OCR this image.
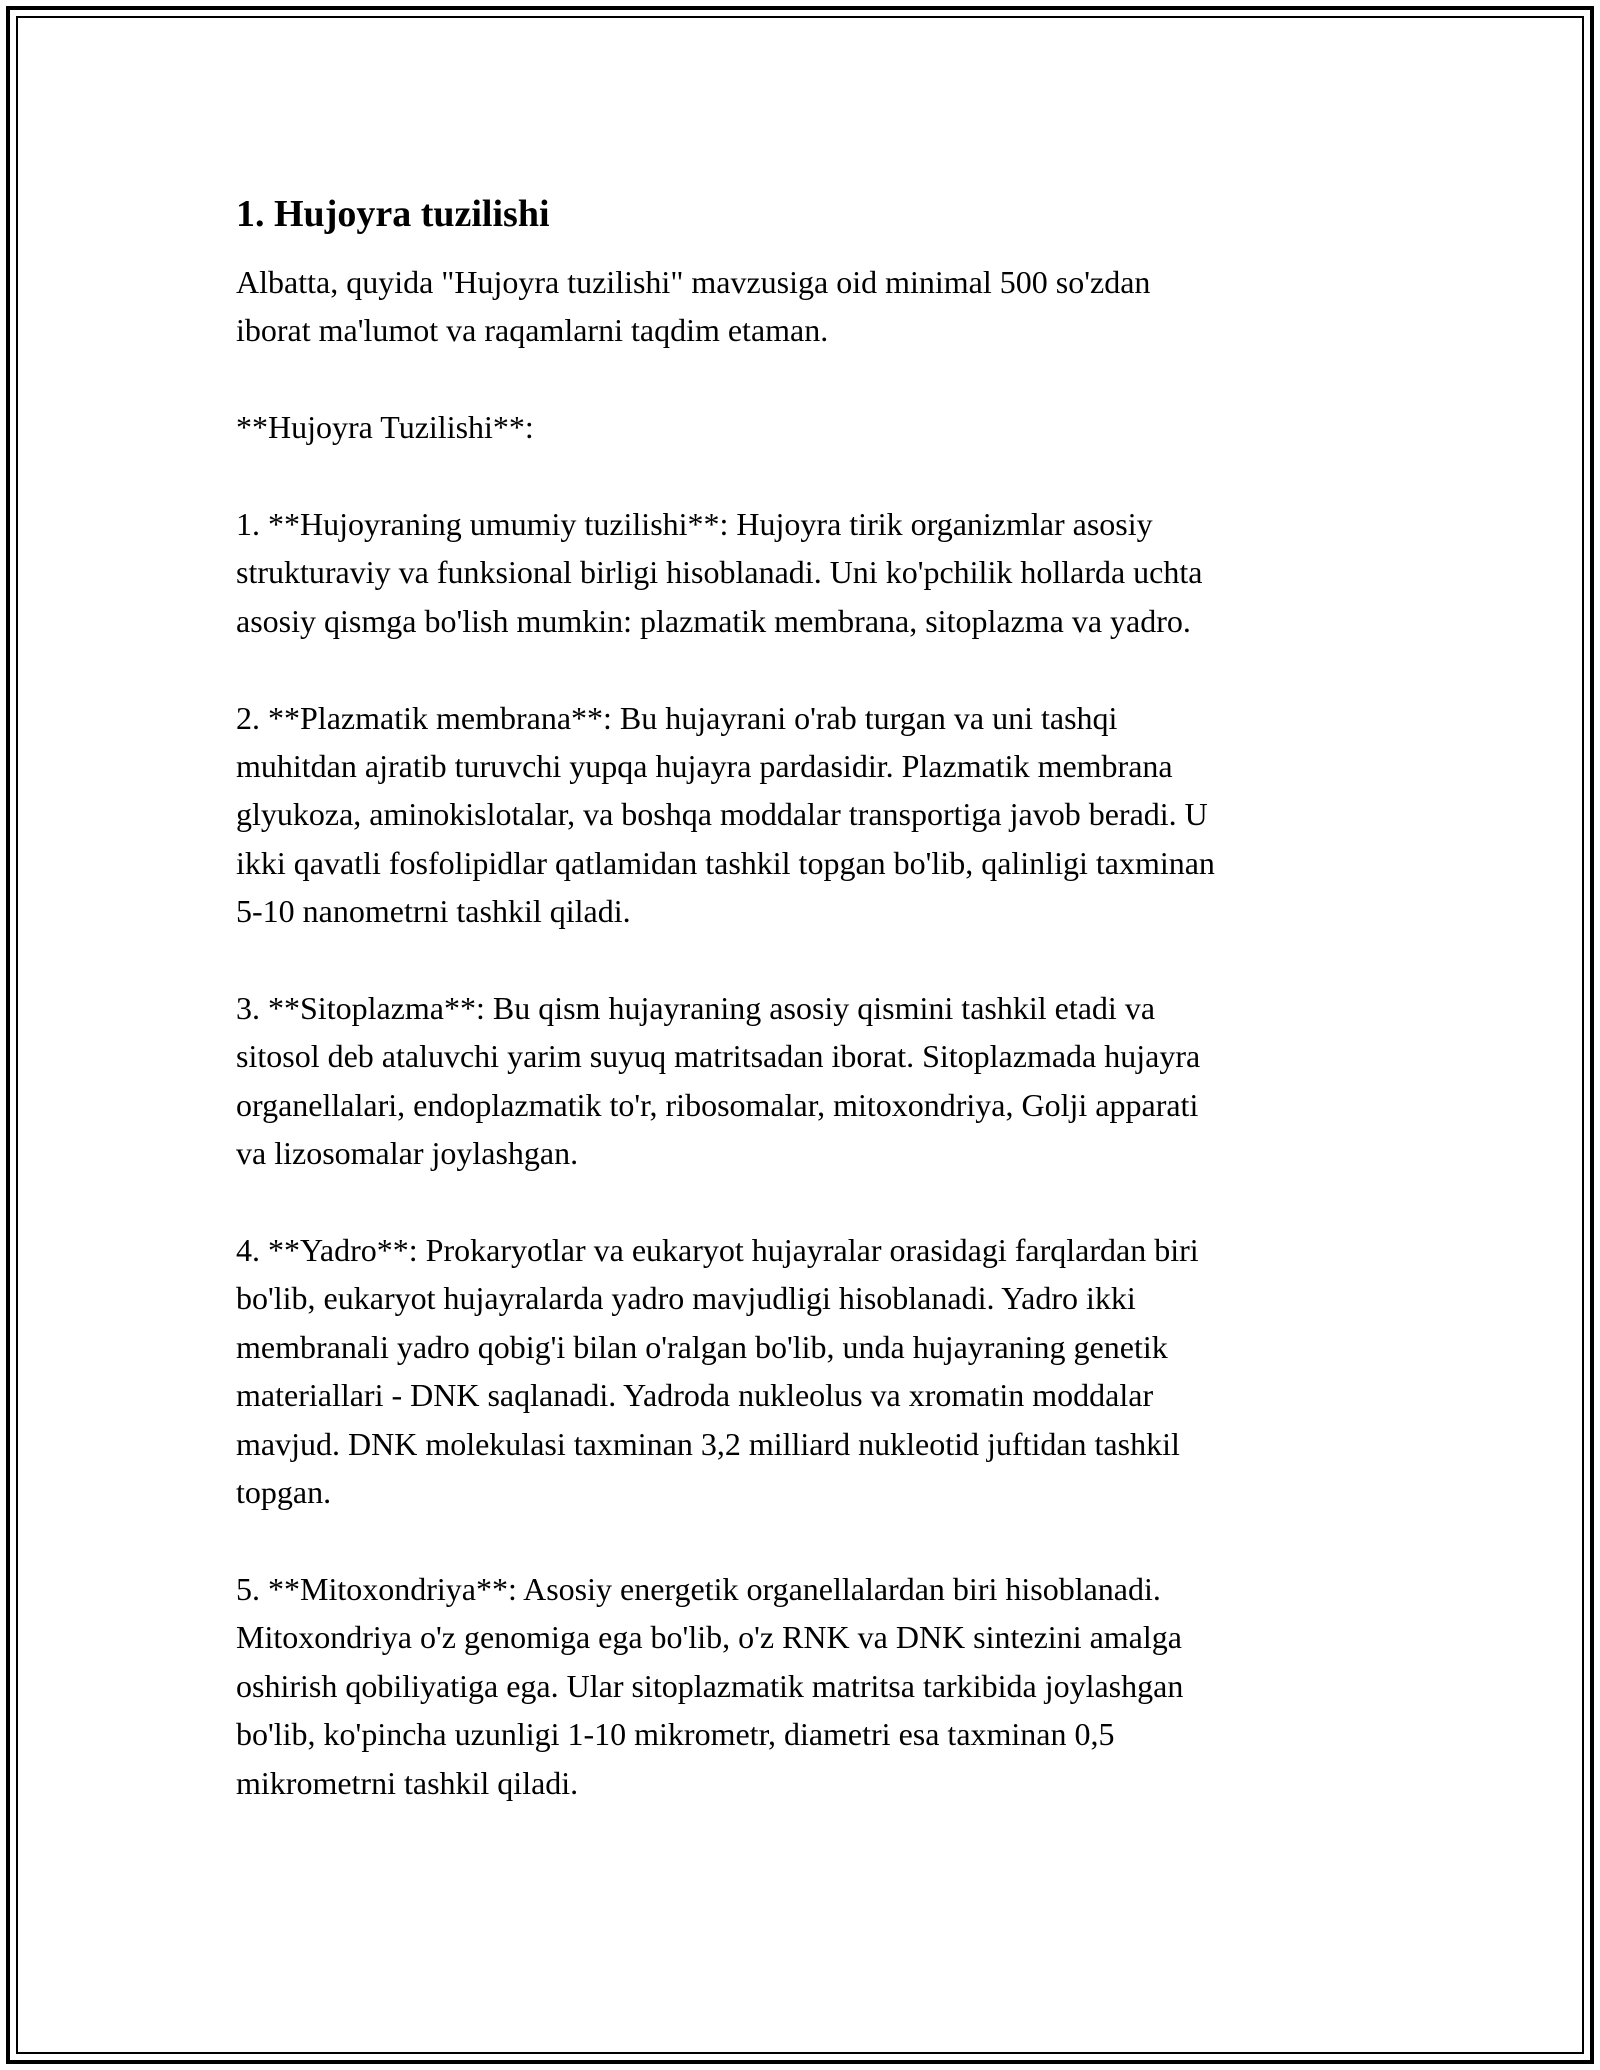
1. Hujoyra tuzilishi

Albatta, quyida "Hujoyra tuzilishi" mavzusiga oid minimal 500 so'zdan
iborat ma'lumot va raqamlarni taqdim etaman.

**Hujoyra Tuzilishi**:

1. **Hujoyraning umumiy tuzilishi**: Hujoyra tirik organizmlar asosiy
strukturaviy va funksional birligi hisoblanadi. Uni ko'pchilik hollarda uchta
asosiy qismga bo'lish mumkin: plazmatik membrana, sitoplazma va yadro.

2. **Plazmatik membrana**: Bu hujayrani o'rab turgan va uni tashqi
muhitdan ajratib turuvchi yupqa hujayra pardasidir. Plazmatik membrana
glyukoza, aminokislotalar, va boshqa moddalar transportiga javob beradi. U
ikki qavatli fosfolipidlar qatlamidan tashkil topgan bo'lib, qalinligi taxminan
5-10 nanometrni tashkil qiladi.

3. **Sitoplazma**: Bu qism hujayraning asosiy qismini tashkil etadi va
sitosol deb ataluvchi yarim suyuq matritsadan iborat. Sitoplazmada hujayra
organellalari, endoplazmatik to'r, ribosomalar, mitoxondriya, Golji apparati
va lizosomalar joylashgan.

4. **Yadro**: Prokaryotlar va eukaryot hujayralar orasidagi farqlardan biri
bo'lib, eukaryot hujayralarda yadro mavjudligi hisoblanadi. Yadro ikki
membranali yadro qobig'i bilan o'ralgan bo'lib, unda hujayraning genetik
materiallari - DNK saqlanadi. Yadroda nukleolus va xromatin moddalar
mavjud. DNK molekulasi taxminan 3,2 milliard nukleotid juftidan tashkil
topgan.

5. **Mitoxondriya**: Asosiy energetik organellalardan biri hisoblanadi.
Mitoxondriya o'z genomiga ega bo'lib, o'z RNK va DNK sintezini amalga
oshirish qobiliyatiga ega. Ular sitoplazmatik matritsa tarkibida joylashgan
bo'lib, ko'pincha uzunligi 1-10 mikrometr, diametri esa taxminan 0,5
mikrometrni tashkil qiladi.
